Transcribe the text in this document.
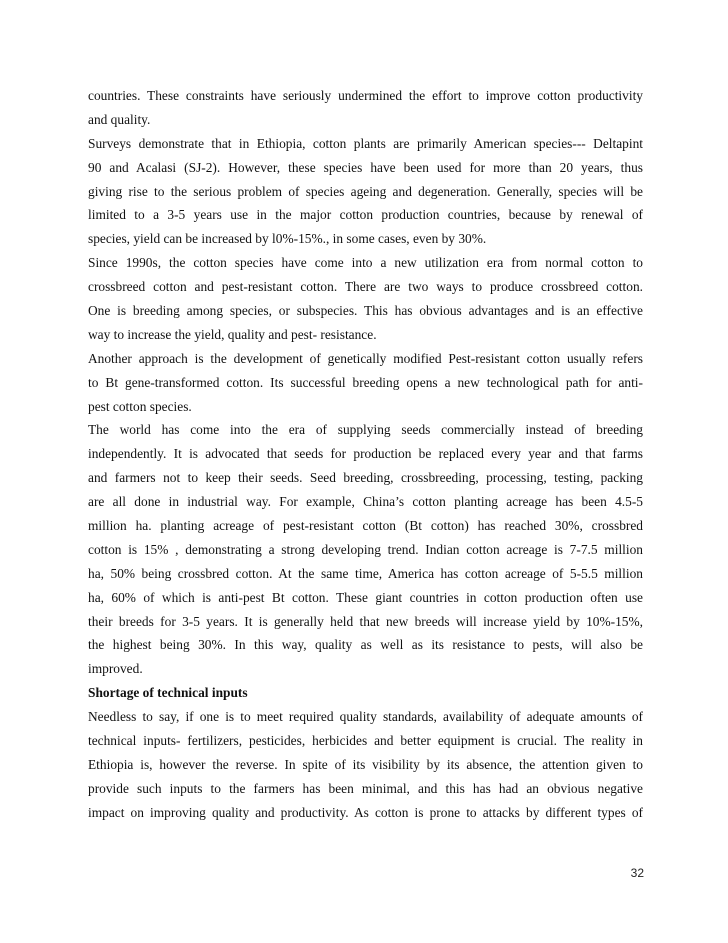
countries. These constraints have seriously undermined the effort to improve cotton productivity
and quality.
Surveys demonstrate that in Ethiopia, cotton plants are primarily American species--- Deltapint
90 and Acalasi (SJ-2). However, these species have been used for more than 20 years, thus
giving rise to the serious problem of species ageing and degeneration. Generally, species will be
limited to a 3-5 years use in the major cotton production countries, because by renewal of
species, yield can be increased by l0%-15%., in some cases, even by 30%.
Since 1990s, the cotton species have come into a new utilization era from normal cotton to
crossbreed cotton and pest-resistant cotton. There are two ways to produce crossbreed cotton.
One is breeding among species, or subspecies. This has obvious advantages and is an effective
way to increase the yield, quality and pest- resistance.
Another approach is the development of genetically modified Pest-resistant cotton usually refers
to Bt gene-transformed cotton. Its successful breeding opens a new technological path for anti-
pest cotton species.
The world has come into the era of supplying seeds commercially instead of breeding
independently. It is advocated that seeds for production be replaced every year and that farms
and farmers not to keep their seeds. Seed breeding, crossbreeding, processing, testing, packing
are all done in industrial way. For example, China’s cotton planting acreage has been 4.5-5
million ha. planting acreage of pest-resistant cotton (Bt cotton) has reached 30%, crossbred
cotton is 15% , demonstrating a strong developing trend. Indian cotton acreage is 7-7.5 million
ha, 50% being crossbred cotton. At the same time, America has cotton acreage of 5-5.5 million
ha, 60% of which is anti-pest Bt cotton. These giant countries in cotton production often use
their breeds for 3-5 years. It is generally held that new breeds will increase yield by 10%-15%,
the highest being 30%. In this way, quality as well as its resistance to pests, will also be
improved.
Shortage of technical inputs
Needless to say, if one is to meet required quality standards, availability of adequate amounts of
technical inputs- fertilizers, pesticides, herbicides and better equipment is crucial. The reality in
Ethiopia is, however the reverse. In spite of its visibility by its absence, the attention given to
provide such inputs to the farmers has been minimal, and this has had an obvious negative
impact on improving quality and productivity. As cotton is prone to attacks by different types of
32
